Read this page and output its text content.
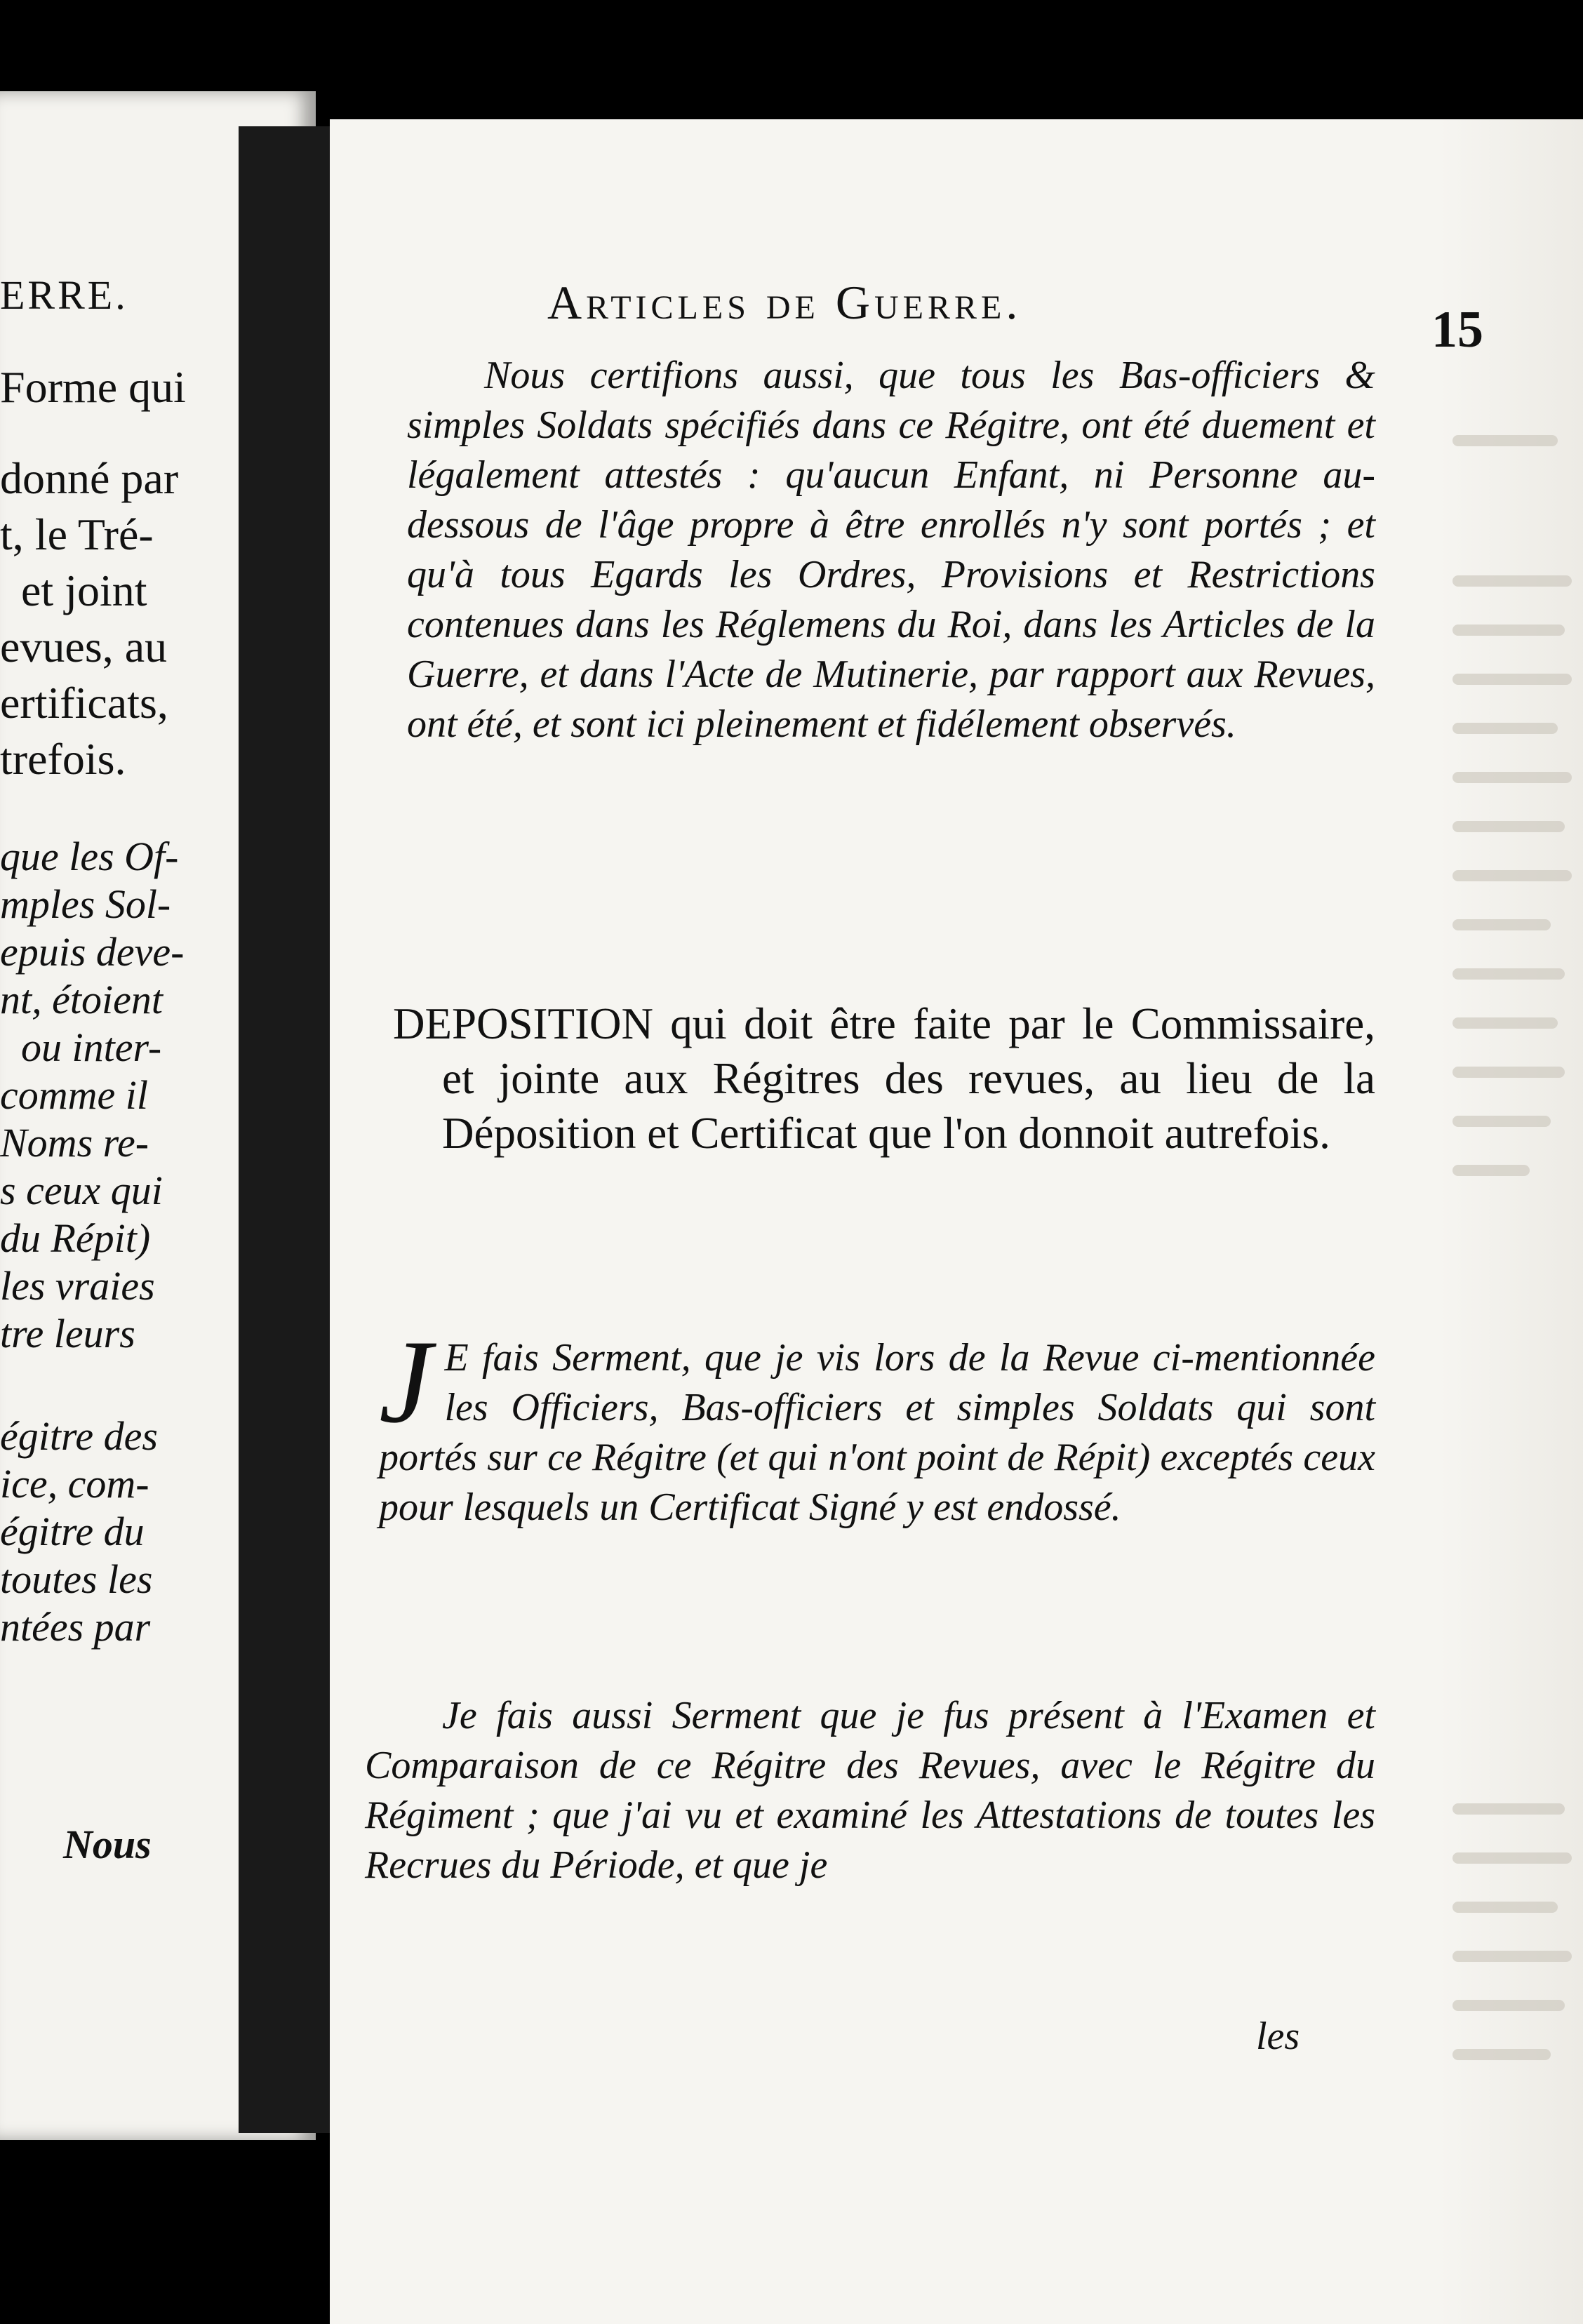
ERRE.
Forme qui
donné par
t, le Tré-
et joint
evues, au
ertificats,
trefois.
que les Of-
mples Sol-
epuis deve-
nt, étoient
ou inter-
comme il
Noms re-
s ceux qui
du Répit)
les vraies
tre leurs
égitre des
ice, com-
égitre du
toutes les
ntées par
Nous
Articles de Guerre.	15

Nous certifions aussi, que tous les Bas-officiers & simples Soldats spécifiés dans ce Régitre, ont été duement et légalement attestés : qu'aucun Enfant, ni Personne au-dessous de l'âge propre à être enrollés n'y sont portés ; et qu'à tous Egards les Ordres, Provisions et Restrictions contenues dans les Réglemens du Roi, dans les Articles de la Guerre, et dans l'Acte de Mutinerie, par rapport aux Revues, ont été, et sont ici pleinement et fidélement observés.

DEPOSITION qui doit être faite par le Commissaire, et jointe aux Régitres des revues, au lieu de la Déposition et Certificat que l'on donnoit autrefois.

J E fais Serment, que je vis lors de la Revue ci-mentionnée les Officiers, Bas-officiers et simples Soldats qui sont portés sur ce Régitre (et qui n'ont point de Répit) exceptés ceux pour lesquels un Certificat Signé y est endossé.

Je fais aussi Serment que je fus présent à l'Examen et Comparaison de ce Régitre des Revues, avec le Régitre du Régiment ; que j'ai vu et examiné les Attestations de toutes les Recrues du Période, et que je

les
